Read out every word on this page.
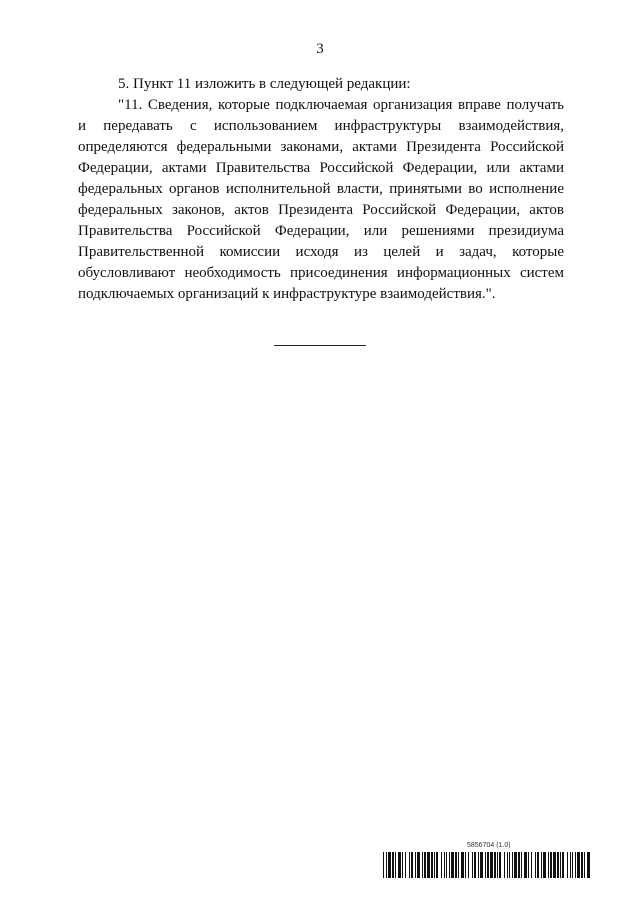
3

5. Пункт 11 изложить в следующей редакции:

"11. Сведения, которые подключаемая организация вправе получать и передавать с использованием инфраструктуры взаимодействия, определяются федеральными законами, актами Президента Российской Федерации, актами Правительства Российской Федерации, или актами федеральных органов исполнительной власти, принятыми во исполнение федеральных законов, актов Президента Российской Федерации, актов Правительства Российской Федерации, или решениями президиума Правительственной комиссии исходя из целей и задач, которые обусловливают необходимость присоединения информационных систем подключаемых организаций к инфраструктуре взаимодействия.".

5856704 (1.0)
